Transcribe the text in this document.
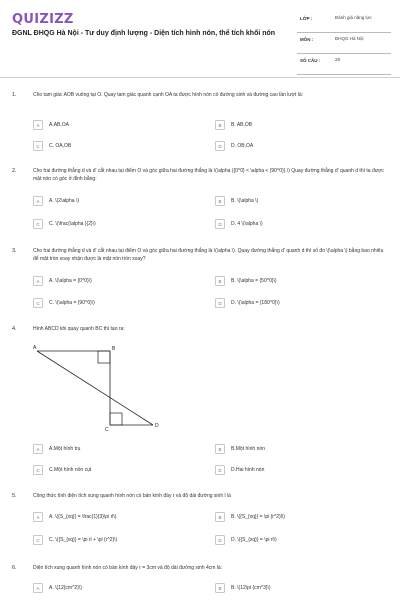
QUIZIZZ
ĐGNL ĐHQG Hà Nội - Tư duy định lượng - Diện tích hình nón, thể tích khối nón
LỚP :	Đánh giá năng lực
MÔN :	ĐHQG Hà Nội
SỐ CÂU :	28
1.	Cho tam giác AOB vuông tại O. Quay tam giác quanh cạnh OA ta được hình nón có đường sinh và đường cao lần lượt là:
A	A.AB,OA	B	B. AB,OB
C	C. OA,OB	D	D. OB,OA
2.	Cho hai đường thẳng d và d' cắt nhau tại điểm O và góc giữa hai đường thẳng là \(\alpha ({0^0} < \alpha < {90^0}).\) Quay đường thẳng d' quanh d thì ta được mặt nón có góc ở đỉnh bằng:
A	A. \(2\alpha \)	B	B. \(\alpha \)
C	C. \(\frac{\alpha }{2}\)	D	D. 4 \(\alpha \)
3.	Cho hai đường thẳng d và d' cắt nhau tại điểm O và góc giữa hai đường thẳng là \(\alpha \). Quay đường thẳng d' quanh d thì số đo \(\alpha \) bằng bao nhiêu để mặt tròn xoay nhận được là mặt nón tròn xoay?
A	A. \(\alpha = {0^0}\)	B	B. \(\alpha = {50^0}\)
C	C. \(\alpha = {90^0}\)	D	D. \(\alpha = {180^0}\)
4.	Hình ABCD khi quay quanh BC thì tạo ra:
A	B
C
D
A	A.Một hình trụ	B	B.Một hình nón
C	C.Một hình nón cụt	D	D.Hai hình nón
5.	Công thức tính diện tích xung quanh hình nón có bán kính đáy r và độ dài đường sinh l là
A	A. \({S_{xq}} = \frac{1}{3}\pi rl\)	B	B. \({S_{xq}} = \pi {r^2}l\)
C	C. \({S_{xq}} = \pi rl + \pi {r^2}\)	D	D. \({S_{xq}} = \pi rl\)
6.	Diện tích xung quanh hình nón có bán kính đáy r = 3cm và độ dài đường sinh 4cm là:
A	A. \(12{cm^2}\)	B	B. \(12\pi {cm^3}\)
